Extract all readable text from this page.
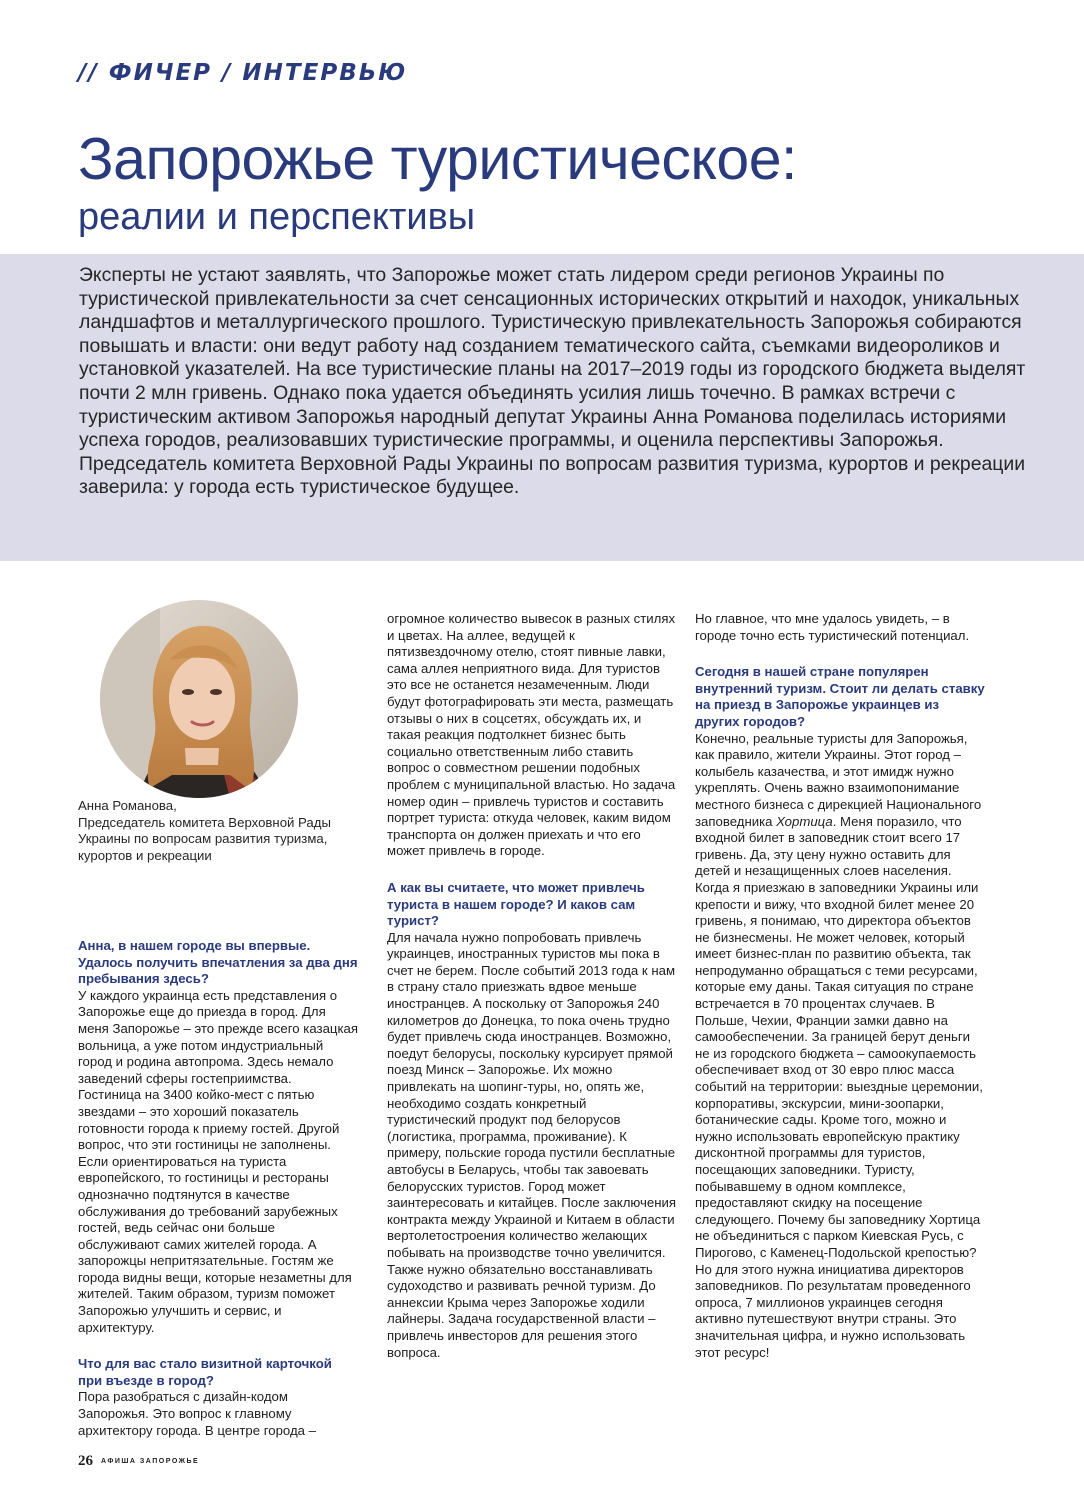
// ФИЧЕР / ИНТЕРВЬЮ
Запорожье туристическое:
реалии и перспективы

Эксперты не устают заявлять, что Запорожье может стать лидером среди регионов Украины по туристической привлекательности за счет сенсационных исторических открытий и находок, уникальных ландшафтов и металлургического прошлого. Туристическую привлекательность Запорожья собираются повышать и власти: они ведут работу над созданием тематического сайта, съемками видеороликов и установкой указателей. На все туристические планы на 2017–2019 годы из городского бюджета выделят почти 2 млн гривень. Однако пока удается объединять усилия лишь точечно. В рамках встречи с туристическим активом Запорожья народный депутат Украины Анна Романова поделилась историями успеха городов, реализовавших туристические программы, и оценила перспективы Запорожья. Председатель комитета Верховной Рады Украины по вопросам развития туризма, курортов и рекреации заверила: у города есть туристическое будущее.

Анна Романова,
Председатель комитета Верховной Рады Украины по вопросам развития туризма, курортов и рекреации

Анна, в нашем городе вы впервые. Удалось получить впечатления за два дня пребывания здесь?

У каждого украинца есть представления о Запорожье еще до приезда в город. Для меня Запорожье – это прежде всего казацкая вольница, а уже потом индустриальный город и родина автопрома. Здесь немало заведений сферы гостеприимства. Гостиница на 3400 койко-мест с пятью звездами – это хороший показатель готовности города к приему гостей. Другой вопрос, что эти гостиницы не заполнены. Если ориентироваться на туриста европейского, то гостиницы и рестораны однозначно подтянутся в качестве обслуживания до требований зарубежных гостей, ведь сейчас они больше обслуживают самих жителей города. А запорожцы непритязательные. Гостям же города видны вещи, которые незаметны для жителей. Таким образом, туризм поможет Запорожью улучшить и сервис, и архитектуру.

Что для вас стало визитной карточкой при въезде в город?

Пора разобраться с дизайн-кодом Запорожья. Это вопрос к главному архитектору города. В центре города –

огромное количество вывесок в разных стилях и цветах. На аллее, ведущей к пятизвездочному отелю, стоят пивные лавки, сама аллея неприятного вида. Для туристов это все не останется незамеченным. Люди будут фотографировать эти места, размещать отзывы о них в соцсетях, обсуждать их, и такая реакция подтолкнет бизнес быть социально ответственным либо ставить вопрос о совместном решении подобных проблем с муниципальной властью. Но задача номер один – привлечь туристов и составить портрет туриста: откуда человек, каким видом транспорта он должен приехать и что его может привлечь в городе.

А как вы считаете, что может привлечь туриста в нашем городе? И каков сам турист?

Для начала нужно попробовать привлечь украинцев, иностранных туристов мы пока в счет не берем. После событий 2013 года к нам в страну стало приезжать вдвое меньше иностранцев. А поскольку от Запорожья 240 километров до Донецка, то пока очень трудно будет привлечь сюда иностранцев. Возможно, поедут белорусы, поскольку курсирует прямой поезд Минск – Запорожье. Их можно привлекать на шопинг-туры, но, опять же, необходимо создать конкретный туристический продукт под белорусов (логистика, программа, проживание). К примеру, польские города пустили бесплатные автобусы в Беларусь, чтобы так завоевать белорусских туристов. Город может заинтересовать и китайцев. После заключения контракта между Украиной и Китаем в области вертолетостроения количество желающих побывать на производстве точно увеличится. Также нужно обязательно восстанавливать судоходство и развивать речной туризм. До аннексии Крыма через Запорожье ходили лайнеры. Задача государственной власти – привлечь инвесторов для решения этого вопроса.

Но главное, что мне удалось увидеть, – в городе точно есть туристический потенциал.

Сегодня в нашей стране популярен внутренний туризм. Стоит ли делать ставку на приезд в Запорожье украинцев из других городов?

Конечно, реальные туристы для Запорожья, как правило, жители Украины. Этот город – колыбель казачества, и этот имидж нужно укреплять. Очень важно взаимопонимание местного бизнеса с дирекцией Национального заповедника Хортица. Меня поразило, что входной билет в заповедник стоит всего 17 гривень. Да, эту цену нужно оставить для детей и незащищенных слоев населения. Когда я приезжаю в заповедники Украины или крепости и вижу, что входной билет менее 20 гривень, я понимаю, что директора объектов не бизнесмены. Не может человек, который имеет бизнес-план по развитию объекта, так непродуманно обращаться с теми ресурсами, которые ему даны. Такая ситуация по стране встречается в 70 процентах случаев. В Польше, Чехии, Франции замки давно на самообеспечении. За границей берут деньги не из городского бюджета – самоокупаемость обеспечивает вход от 30 евро плюс масса событий на территории: выездные церемонии, корпоративы, экскурсии, мини-зоопарки, ботанические сады. Кроме того, можно и нужно использовать европейскую практику дисконтной программы для туристов, посещающих заповедники. Туристу, побывавшему в одном комплексе, предоставляют скидку на посещение следующего. Почему бы заповеднику Хортица не объединиться с парком Киевская Русь, с Пирогово, с Каменец-Подольской крепостью? Но для этого нужна инициатива директоров заповедников. По результатам проведенного опроса, 7 миллионов украинцев сегодня активно путешествуют внутри страны. Это значительная цифра, и нужно использовать этот ресурс!

26 АФИША ЗАПОРОЖЬЕ
